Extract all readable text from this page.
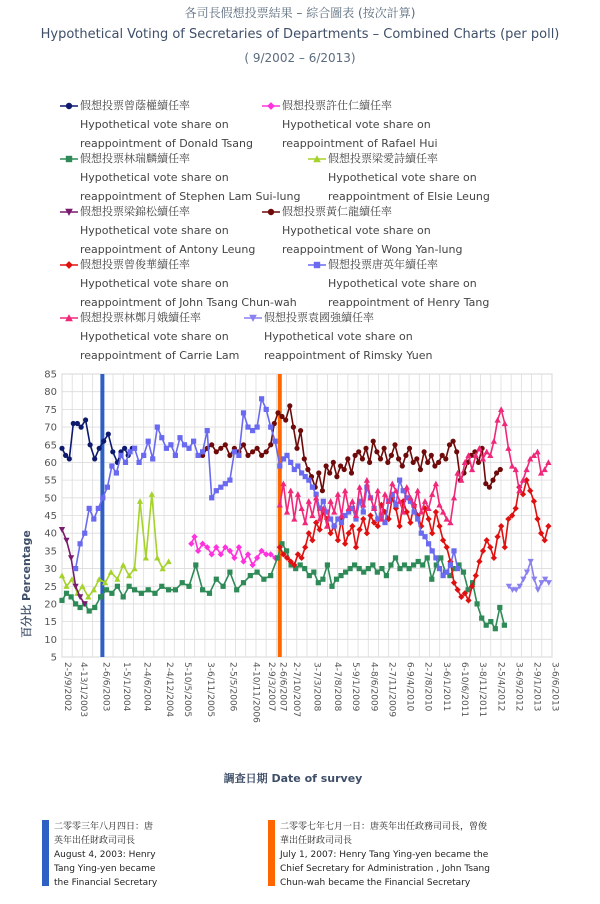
各司長假想投票結果 – 綜合圖表 (按次計算)
Hypothetical Voting of Secretaries of Departments – Combined Charts (per poll)
( 9/2002 – 6/2013)
假想投票曾蔭權續任率
Hypothetical vote share on
reappointment of Donald Tsang
假想投票許仕仁續任率
Hypothetical vote share on
reappointment of Rafael Hui
假想投票林瑞麟續任率
Hypothetical vote share on
reappointment of Stephen Lam Sui-lung
假想投票梁愛詩續任率
Hypothetical vote share on
reappointment of Elsie Leung
假想投票梁錦松續任率
Hypothetical vote share on
reappointment of Antony Leung
假想投票黃仁龍續任率
Hypothetical vote share on
reappointment of Wong Yan-lung
假想投票曾俊華續任率
Hypothetical vote share on
reappointment of John Tsang Chun-wah
假想投票唐英年續任率
Hypothetical vote share on
reappointment of Henry Tang
假想投票林鄭月娥續任率
Hypothetical vote share on
reappointment of Carrie Lam
假想投票袁國強續任率
Hypothetical vote share on
reappointment of Rimsky Yuen
5
10
15
20
25
30
35
40
45
50
55
60
65
70
75
80
85
2-5/9/2002 4-13/1/2003 2-6/6/2003 1-5/1/2004 2-4/6/2004 2-4/12/2004 5-10/5/2005 3-6/11/2005 2-5/5/2006 4-10/11/2006 2-9/3/2007 2-6/6/2007 2-7/10/2007 3-7/3/2008 4-7/8/2008 5-9/1/2009 4-8/6/2009 2-7/11/2009 6-9/4/2010 2-7/8/2010 3-6/1/2011 6-10/6/2011 3-8/11/2011 2-5/4/2012 3-6/9/2012 2-9/1/2013 3-6/6/2013
百分比 Percentage
調查日期 Date of survey
二零零三年八月四日：唐英年出任財政司司長
August 4, 2003: Henry Tang Ying-yen became the Financial Secretary
二零零七年七月一日：唐英年出任政務司司長，曾俊華出任財政司司長
July 1, 2007: Henry Tang Ying-yen became the Chief Secretary for Administration , John Tsang Chun-wah became the Financial Secretary
